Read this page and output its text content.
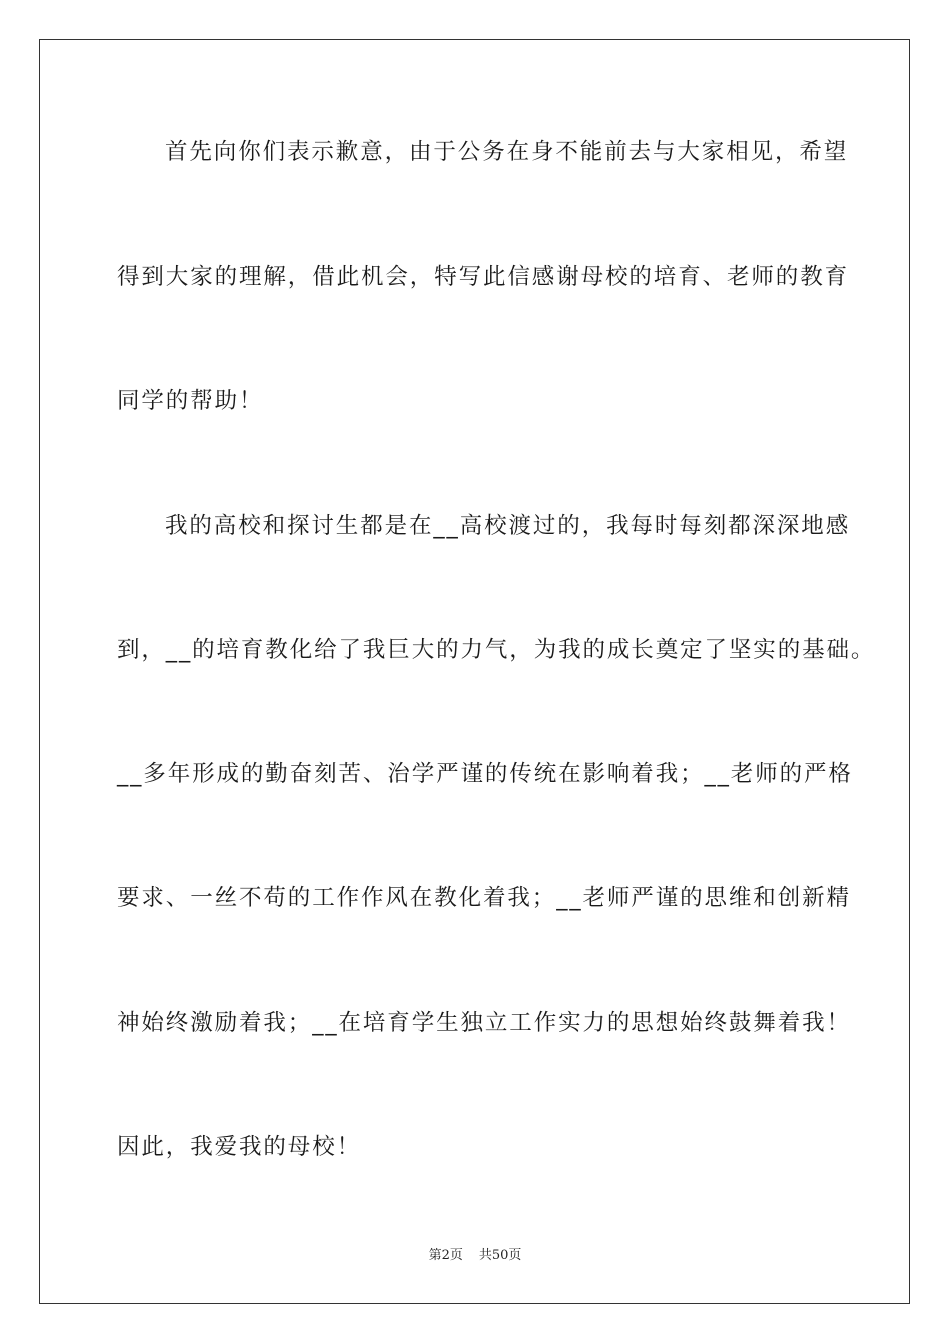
首先向你们表示歉意，由于公务在身不能前去与大家相见，希望
得到大家的理解，借此机会，特写此信感谢母校的培育、老师的教育
同学的帮助！
我的高校和探讨生都是在__高校渡过的，我每时每刻都深深地感
到，__的培育教化给了我巨大的力气，为我的成长奠定了坚实的基础。
__多年形成的勤奋刻苦、治学严谨的传统在影响着我；__老师的严格
要求、一丝不苟的工作作风在教化着我；__老师严谨的思维和创新精
神始终激励着我；__在培育学生独立工作实力的思想始终鼓舞着我！
因此，我爱我的母校！
第2页 共50页
